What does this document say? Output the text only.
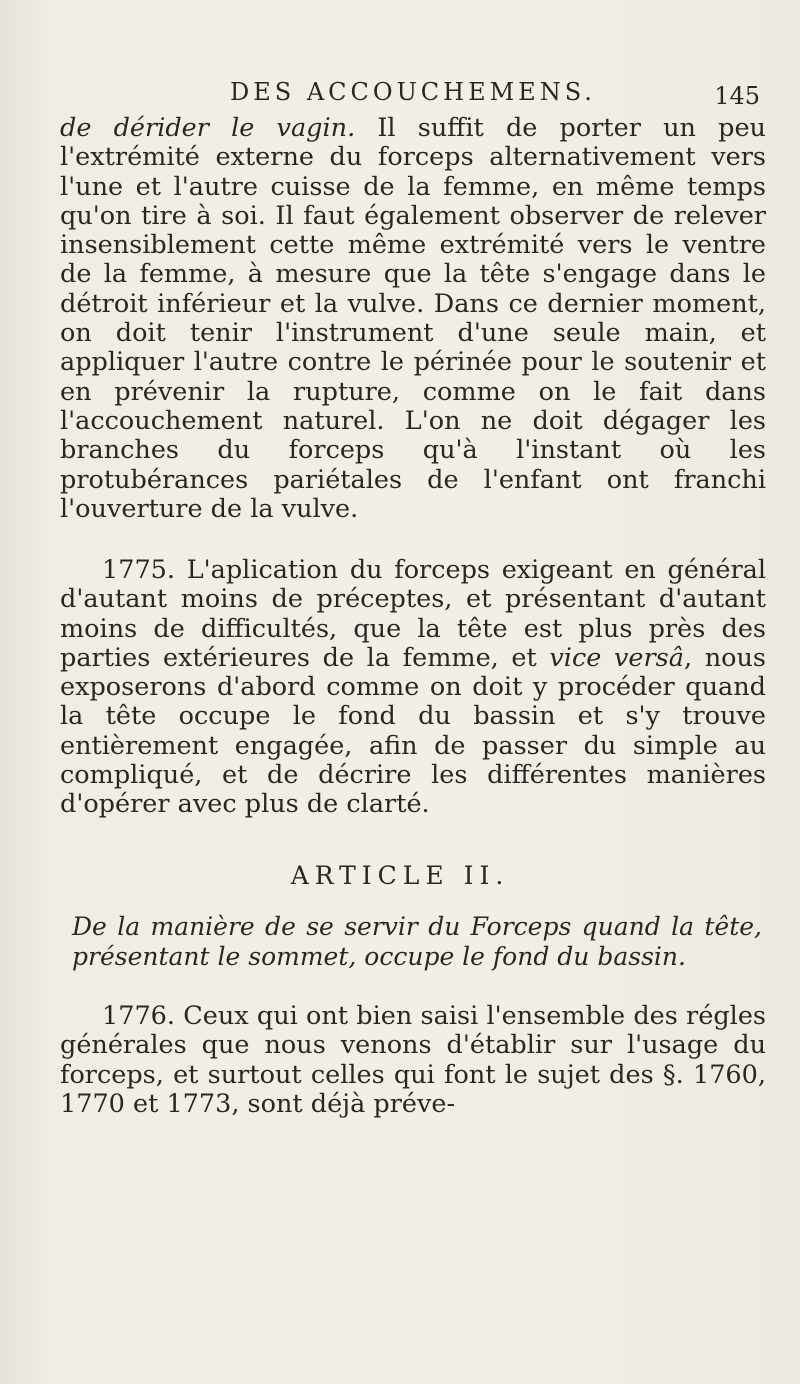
DES ACCOUCHEMENS.	145

de dérider le vagin. Il suffit de porter un peu l'extrémité externe du forceps alternativement vers l'une et l'autre cuisse de la femme, en même temps qu'on tire à soi. Il faut également observer de relever insensiblement cette même extrémité vers le ventre de la femme, à mesure que la tête s'engage dans le détroit inférieur et la vulve. Dans ce dernier moment, on doit tenir l'instrument d'une seule main, et appliquer l'autre contre le périnée pour le soutenir et en prévenir la rupture, comme on le fait dans l'accouchement naturel. L'on ne doit dégager les branches du forceps qu'à l'instant où les protubérances pariétales de l'enfant ont franchi l'ouverture de la vulve.

1775. L'aplication du forceps exigeant en général d'autant moins de préceptes, et présentant d'autant moins de difficultés, que la tête est plus près des parties extérieures de la femme, et vice versâ, nous exposerons d'abord comme on doit y procéder quand la tête occupe le fond du bassin et s'y trouve entièrement engagée, afin de passer du simple au compliqué, et de décrire les différentes manières d'opérer avec plus de clarté.

ARTICLE II.

De la manière de se servir du Forceps quand la tête, présentant le sommet, occupe le fond du bassin.

1776. Ceux qui ont bien saisi l'ensemble des régles générales que nous venons d'établir sur l'usage du forceps, et surtout celles qui font le sujet des §. 1760, 1770 et 1773, sont déjà préve-
